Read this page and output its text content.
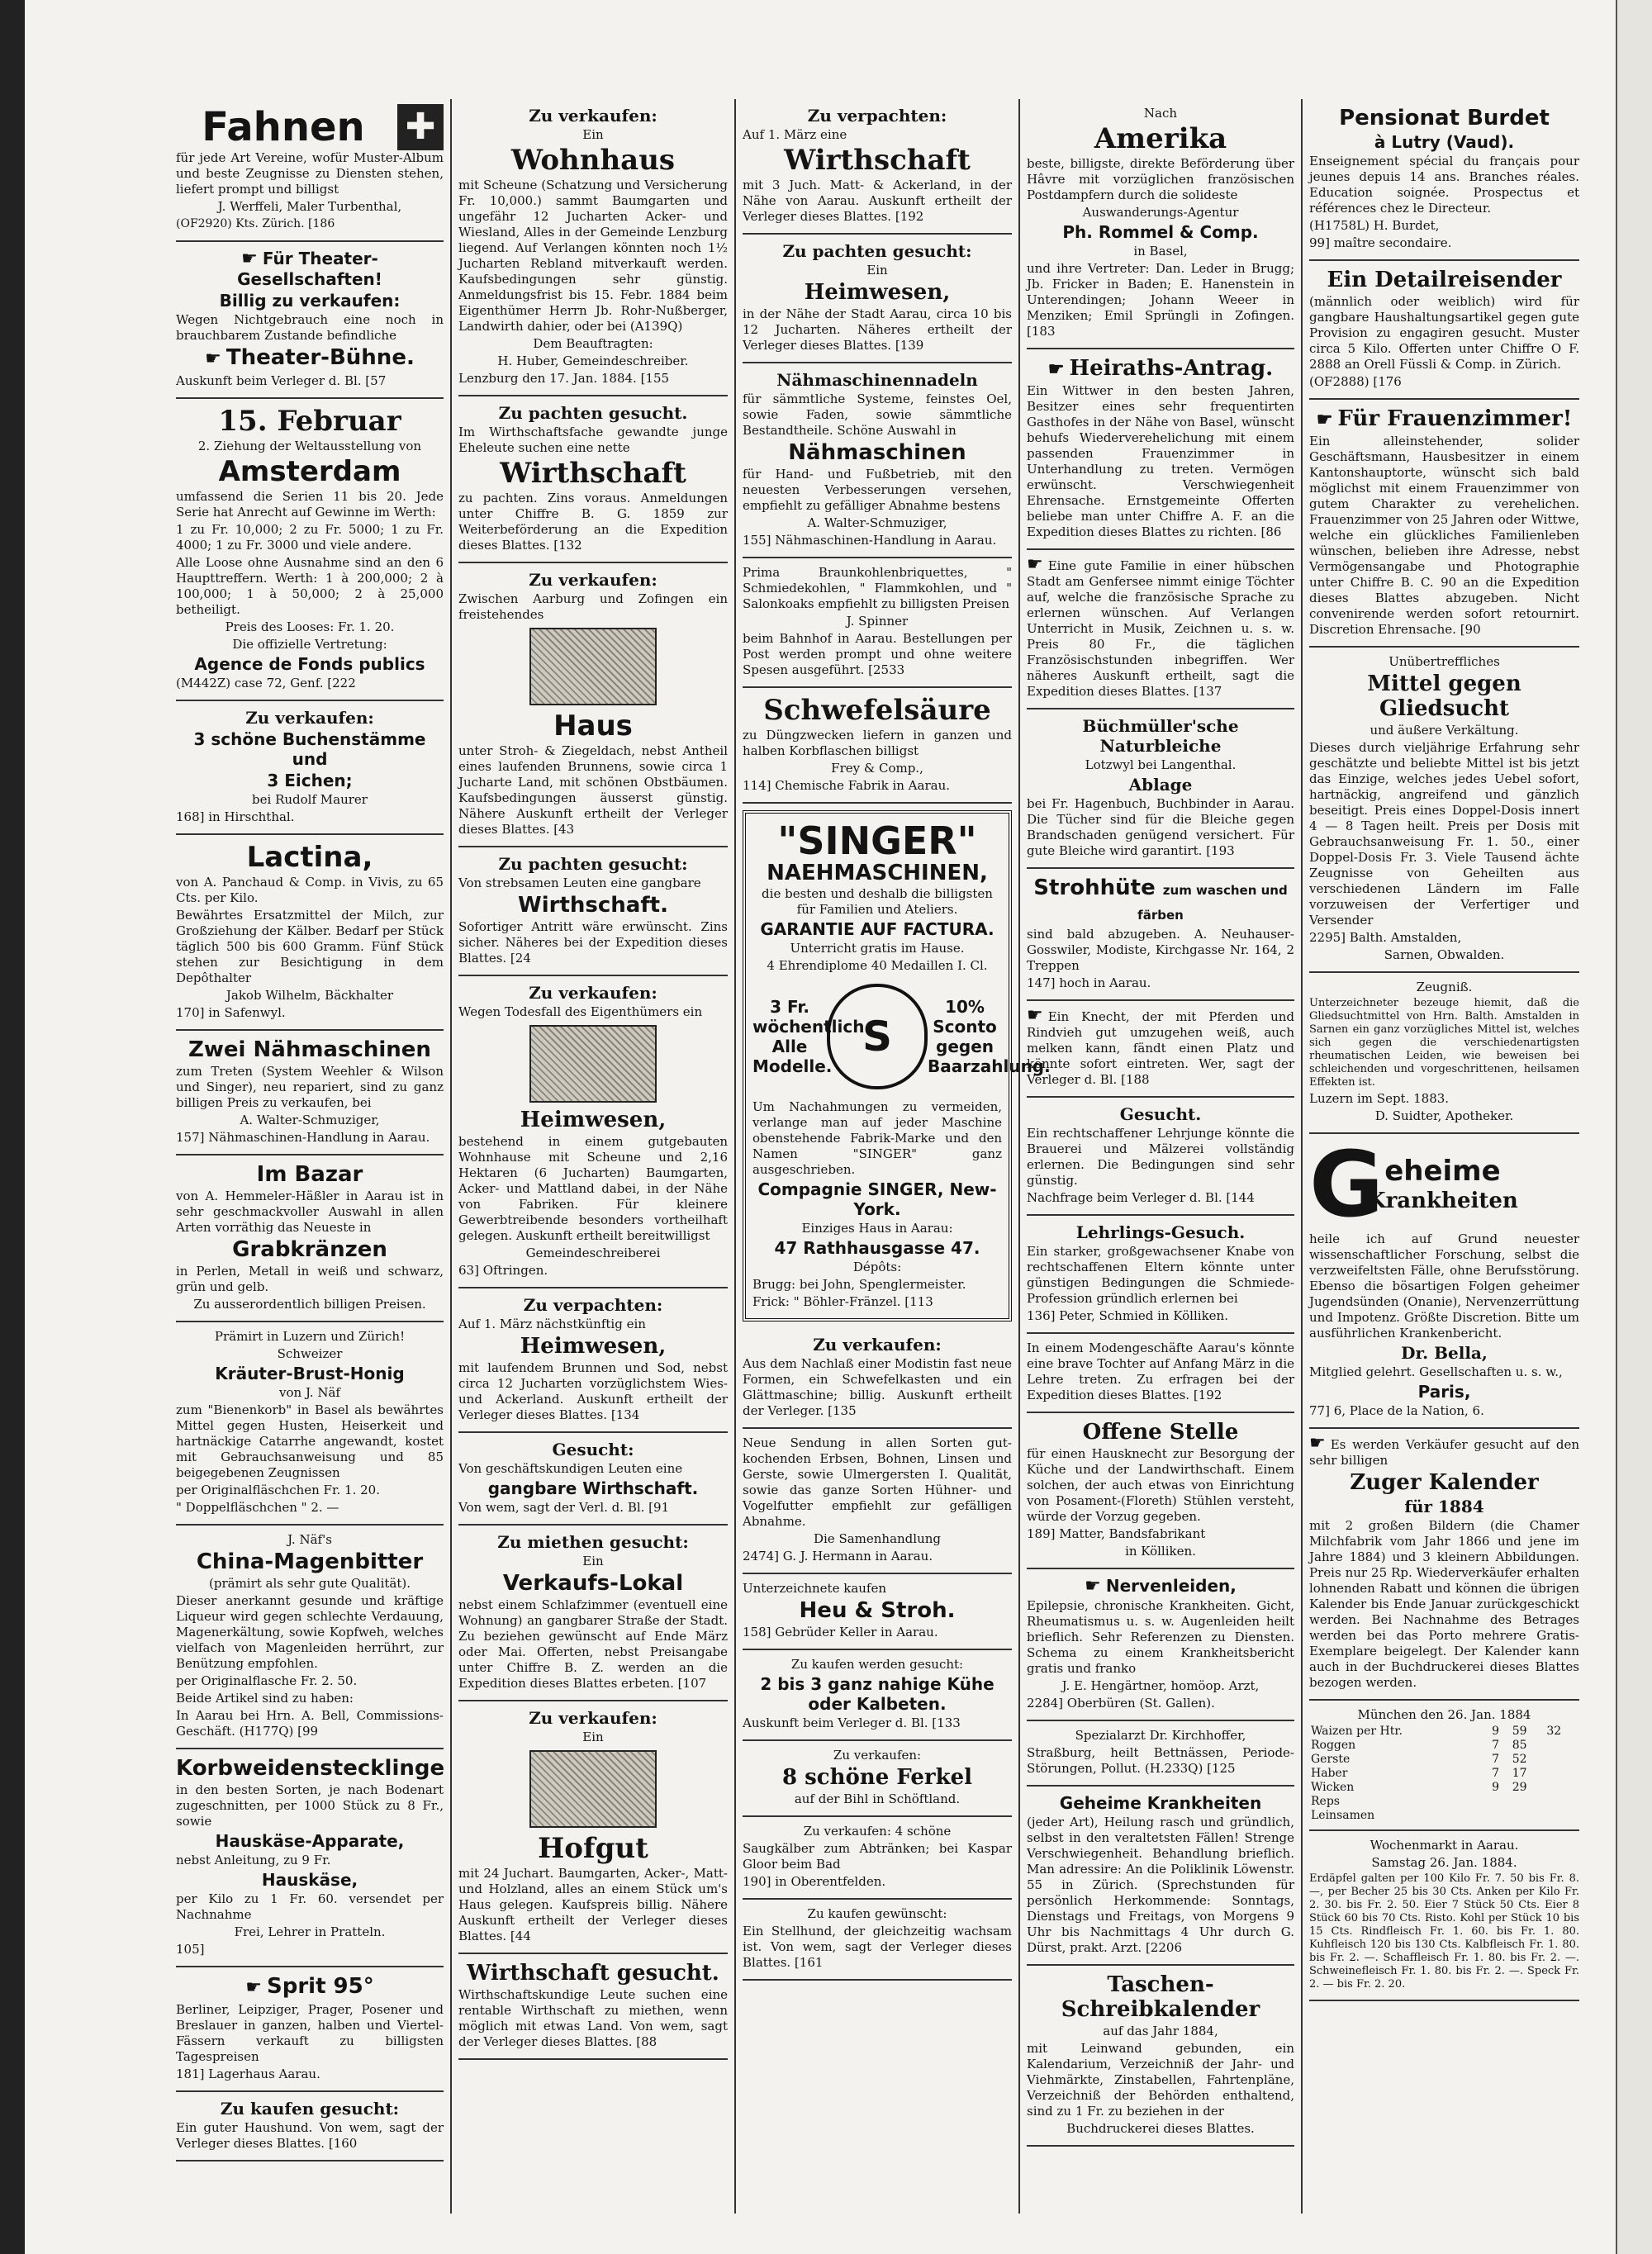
✚
Fahnen

für jede Art Vereine, wofür Muster-Album und beste Zeugnisse zu Diensten stehen, liefert prompt und billigst

J. Werffeli, Maler Turbenthal,

(OF2920) Kts. Zürich. [186

☛ Für Theater-Gesellschaften!
Billig zu verkaufen:

Wegen Nichtgebrauch eine noch in brauchbarem Zustande befindliche

☛ Theater-Bühne.

Auskunft beim Verleger d. Bl. [57

15. Februar

2. Ziehung der Weltausstellung von

Amsterdam

umfassend die Serien 11 bis 20. Jede Serie hat Anrecht auf Gewinne im Werth:

1 zu Fr. 10,000; 2 zu Fr. 5000; 1 zu Fr. 4000; 1 zu Fr. 3000 und viele andere.

Alle Loose ohne Ausnahme sind an den 6 Haupttreffern. Werth: 1 à 200,000; 2 à 100,000; 1 à 50,000; 2 à 25,000 betheiligt.

Preis des Looses: Fr. 1. 20.

Die offizielle Vertretung:

Agence de Fonds publics

(M442Z) case 72, Genf. [222

Zu verkaufen:
3 schöne Buchenstämme und
3 Eichen;

bei Rudolf Maurer

168] in Hirschthal.

Lactina,

von A. Panchaud & Comp. in Vivis, zu 65 Cts. per Kilo.

Bewährtes Ersatzmittel der Milch, zur Großziehung der Kälber. Bedarf per Stück täglich 500 bis 600 Gramm. Fünf Stück stehen zur Besichtigung in dem Depôthalter

Jakob Wilhelm, Bäckhalter

170] in Safenwyl.

Zwei Nähmaschinen

zum Treten (System Weehler & Wilson und Singer), neu repariert, sind zu ganz billigen Preis zu verkaufen, bei

A. Walter-Schmuziger,

157] Nähmaschinen-Handlung in Aarau.

Im Bazar

von A. Hemmeler-Häßler in Aarau ist in sehr geschmackvoller Auswahl in allen Arten vorräthig das Neueste in

Grabkränzen

in Perlen, Metall in weiß und schwarz, grün und gelb.

Zu ausserordentlich billigen Preisen.

Prämirt in Luzern und Zürich!

Schweizer

Kräuter-Brust-Honig

von J. Näf

zum "Bienenkorb" in Basel als bewährtes Mittel gegen Husten, Heiserkeit und hartnäckige Catarrhe angewandt, kostet mit Gebrauchsanweisung und 85 beigegebenen Zeugnissen

per Originalfläschchen Fr. 1. 20.

" Doppelfläschchen " 2. —

J. Näf's

China-Magenbitter

(prämirt als sehr gute Qualität).

Dieser anerkannt gesunde und kräftige Liqueur wird gegen schlechte Verdauung, Magenerkältung, sowie Kopfweh, welches vielfach von Magenleiden herrührt, zur Benützung empfohlen.

per Originalflasche Fr. 2. 50.

Beide Artikel sind zu haben:

In Aarau bei Hrn. A. Bell, Commissions-Geschäft. (H177Q) [99

Korbweidenstecklinge

in den besten Sorten, je nach Bodenart zugeschnitten, per 1000 Stück zu 8 Fr., sowie

Hauskäse-Apparate,

nebst Anleitung, zu 9 Fr.

Hauskäse,

per Kilo zu 1 Fr. 60. versendet per Nachnahme

Frei, Lehrer in Pratteln.

105]

☛ Sprit 95°

Berliner, Leipziger, Prager, Posener und Breslauer in ganzen, halben und Viertel-Fässern verkauft zu billigsten Tagespreisen

181] Lagerhaus Aarau.

Zu kaufen gesucht:

Ein guter Haushund. Von wem, sagt der Verleger dieses Blattes. [160

Zu verkaufen:

Ein

Wohnhaus

mit Scheune (Schatzung und Versicherung Fr. 10,000.) sammt Baumgarten und ungefähr 12 Jucharten Acker- und Wiesland, Alles in der Gemeinde Lenzburg liegend. Auf Verlangen könnten noch 1½ Jucharten Rebland mitverkauft werden. Kaufsbedingungen sehr günstig. Anmeldungsfrist bis 15. Febr. 1884 beim Eigenthümer Herrn Jb. Rohr-Nußberger, Landwirth dahier, oder bei (A139Q)

Dem Beauftragten:

H. Huber, Gemeindeschreiber.

Lenzburg den 17. Jan. 1884. [155

Zu pachten gesucht.

Im Wirthschaftsfache gewandte junge Eheleute suchen eine nette

Wirthschaft

zu pachten. Zins voraus. Anmeldungen unter Chiffre B. G. 1859 zur Weiterbeförderung an die Expedition dieses Blattes. [132

Zu verkaufen:

Zwischen Aarburg und Zofingen ein freistehendes

Haus

unter Stroh- & Ziegeldach, nebst Antheil eines laufenden Brunnens, sowie circa 1 Jucharte Land, mit schönen Obstbäumen. Kaufsbedingungen äusserst günstig. Nähere Auskunft ertheilt der Verleger dieses Blattes. [43

Zu pachten gesucht:

Von strebsamen Leuten eine gangbare

Wirthschaft.

Sofortiger Antritt wäre erwünscht. Zins sicher. Näheres bei der Expedition dieses Blattes. [24

Zu verkaufen:

Wegen Todesfall des Eigenthümers ein

Heimwesen,

bestehend in einem gutgebauten Wohnhause mit Scheune und 2,16 Hektaren (6 Jucharten) Baumgarten, Acker- und Mattland dabei, in der Nähe von Fabriken. Für kleinere Gewerbtreibende besonders vortheilhaft gelegen. Auskunft ertheilt bereitwilligst

Gemeindeschreiberei

63] Oftringen.

Zu verpachten:

Auf 1. März nächstkünftig ein

Heimwesen,

mit laufendem Brunnen und Sod, nebst circa 12 Jucharten vorzüglichstem Wies- und Ackerland. Auskunft ertheilt der Verleger dieses Blattes. [134

Gesucht:

Von geschäftskundigen Leuten eine

gangbare Wirthschaft.

Von wem, sagt der Verl. d. Bl. [91

Zu miethen gesucht:

Ein

Verkaufs-Lokal

nebst einem Schlafzimmer (eventuell eine Wohnung) an gangbarer Straße der Stadt. Zu beziehen gewünscht auf Ende März oder Mai. Offerten, nebst Preisangabe unter Chiffre B. Z. werden an die Expedition dieses Blattes erbeten. [107

Zu verkaufen:

Ein

Hofgut

mit 24 Juchart. Baumgarten, Acker-, Matt- und Holzland, alles an einem Stück um's Haus gelegen. Kaufspreis billig. Nähere Auskunft ertheilt der Verleger dieses Blattes. [44

Wirthschaft gesucht.

Wirthschaftskundige Leute suchen eine rentable Wirthschaft zu miethen, wenn möglich mit etwas Land. Von wem, sagt der Verleger dieses Blattes. [88

Zu verpachten:

Auf 1. März eine

Wirthschaft

mit 3 Juch. Matt- & Ackerland, in der Nähe von Aarau. Auskunft ertheilt der Verleger dieses Blattes. [192

Zu pachten gesucht:

Ein

Heimwesen,

in der Nähe der Stadt Aarau, circa 10 bis 12 Jucharten. Näheres ertheilt der Verleger dieses Blattes. [139

Nähmaschinennadeln

für sämmtliche Systeme, feinstes Oel, sowie Faden, sowie sämmtliche Bestandtheile. Schöne Auswahl in

Nähmaschinen

für Hand- und Fußbetrieb, mit den neuesten Verbesserungen versehen, empfiehlt zu gefälliger Abnahme bestens

A. Walter-Schmuziger,

155] Nähmaschinen-Handlung in Aarau.

Prima Braunkohlenbriquettes, " Schmiedekohlen, " Flammkohlen, und " Salonkoaks empfiehlt zu billigsten Preisen

J. Spinner

beim Bahnhof in Aarau. Bestellungen per Post werden prompt und ohne weitere Spesen ausgeführt. [2533

Schwefelsäure

zu Düngzwecken liefern in ganzen und halben Korbflaschen billigst

Frey & Comp.,

114] Chemische Fabrik in Aarau.

"SINGER"
NAEHMASCHINEN,

die besten und deshalb die billigsten für Familien und Ateliers.

GARANTIE AUF FACTURA.

Unterricht gratis im Hause.

4 Ehrendiplome 40 Medaillen I. Cl.

3 Fr. wöchentlich. Alle Modelle.
S
10% Sconto gegen Baarzahlung.

Um Nachahmungen zu vermeiden, verlange man auf jeder Maschine obenstehende Fabrik-Marke und den Namen "SINGER" ganz ausgeschrieben.

Compagnie SINGER, New-York.

Einziges Haus in Aarau:

47 Rathhausgasse 47.

Dépôts:

Brugg: bei John, Spenglermeister.

Frick: " Böhler-Fränzel. [113

Zu verkaufen:

Aus dem Nachlaß einer Modistin fast neue Formen, ein Schwefelkasten und ein Glättmaschine; billig. Auskunft ertheilt der Verleger. [135

Neue Sendung in allen Sorten gut-kochenden Erbsen, Bohnen, Linsen und Gerste, sowie Ulmergersten I. Qualität, sowie das ganze Sorten Hühner- und Vogelfutter empfiehlt zur gefälligen Abnahme.

Die Samenhandlung

2474] G. J. Hermann in Aarau.

Unterzeichnete kaufen

Heu & Stroh.

158] Gebrüder Keller in Aarau.

Zu kaufen werden gesucht:

2 bis 3 ganz nahige Kühe oder Kalbeten.

Auskunft beim Verleger d. Bl. [133

Zu verkaufen:

8 schöne Ferkel

auf der Bihl in Schöftland.

Zu verkaufen: 4 schöne

Saugkälber zum Abtränken; bei Kaspar Gloor beim Bad

190] in Oberentfelden.

Zu kaufen gewünscht:

Ein Stellhund, der gleichzeitig wachsam ist. Von wem, sagt der Verleger dieses Blattes. [161

Nach

Amerika

beste, billigste, direkte Beförderung über Hâvre mit vorzüglichen französischen Postdampfern durch die solideste

Auswanderungs-Agentur

Ph. Rommel & Comp.

in Basel,

und ihre Vertreter: Dan. Leder in Brugg; Jb. Fricker in Baden; E. Hanenstein in Unterendingen; Johann Weeer in Menziken; Emil Sprüngli in Zofingen. [183

☛ Heiraths-Antrag.

Ein Wittwer in den besten Jahren, Besitzer eines sehr frequentirten Gasthofes in der Nähe von Basel, wünscht behufs Wiederverehelichung mit einem passenden Frauenzimmer in Unterhandlung zu treten. Vermögen erwünscht. Verschwiegenheit Ehrensache. Ernstgemeinte Offerten beliebe man unter Chiffre A. F. an die Expedition dieses Blattes zu richten. [86

☛ Eine gute Familie in einer hübschen Stadt am Genfersee nimmt einige Töchter auf, welche die französische Sprache zu erlernen wünschen. Auf Verlangen Unterricht in Musik, Zeichnen u. s. w. Preis 80 Fr., die täglichen Französischstunden inbegriffen. Wer näheres Auskunft ertheilt, sagt die Expedition dieses Blattes. [137

Büchmüller'sche Naturbleiche

Lotzwyl bei Langenthal.

Ablage

bei Fr. Hagenbuch, Buchbinder in Aarau. Die Tücher sind für die Bleiche gegen Brandschaden genügend versichert. Für gute Bleiche wird garantirt. [193

Strohhüte zum waschen und färben

sind bald abzugeben. A. Neuhauser-Gosswiler, Modiste, Kirchgasse Nr. 164, 2 Treppen

147] hoch in Aarau.

☛ Ein Knecht, der mit Pferden und Rindvieh gut umzugehen weiß, auch melken kann, fändt einen Platz und könnte sofort eintreten. Wer, sagt der Verleger d. Bl. [188

Gesucht.

Ein rechtschaffener Lehrjunge könnte die Brauerei und Mälzerei vollständig erlernen. Die Bedingungen sind sehr günstig.

Nachfrage beim Verleger d. Bl. [144

Lehrlings-Gesuch.

Ein starker, großgewachsener Knabe von rechtschaffenen Eltern könnte unter günstigen Bedingungen die Schmiede-Profession gründlich erlernen bei

136] Peter, Schmied in Kölliken.

In einem Modengeschäfte Aarau's könnte eine brave Tochter auf Anfang März in die Lehre treten. Zu erfragen bei der Expedition dieses Blattes. [192

Offene Stelle

für einen Hausknecht zur Besorgung der Küche und der Landwirthschaft. Einem solchen, der auch etwas von Einrichtung von Posament-(Floreth) Stühlen versteht, würde der Vorzug gegeben.

189] Matter, Bandsfabrikant

in Kölliken.

☛ Nervenleiden,

Epilepsie, chronische Krankheiten. Gicht, Rheumatismus u. s. w. Augenleiden heilt brieflich. Sehr Referenzen zu Diensten. Schema zu einem Krankheitsbericht gratis und franko

J. E. Hengärtner, homöop. Arzt,

2284] Oberbüren (St. Gallen).

Spezialarzt Dr. Kirchhoffer,

Straßburg, heilt Bettnässen, Periode-Störungen, Pollut. (H.233Q) [125

Geheime Krankheiten

(jeder Art), Heilung rasch und gründlich, selbst in den veraltetsten Fällen! Strenge Verschwiegenheit. Behandlung brieflich. Man adressire: An die Poliklinik Löwenstr. 55 in Zürich. (Sprechstunden für persönlich Herkommende: Sonntags, Dienstags und Freitags, von Morgens 9 Uhr bis Nachmittags 4 Uhr durch G. Dürst, prakt. Arzt. [2206

Taschen-Schreibkalender

auf das Jahr 1884,

mit Leinwand gebunden, ein Kalendarium, Verzeichniß der Jahr- und Viehmärkte, Zinstabellen, Fahrtenpläne, Verzeichniß der Behörden enthaltend, sind zu 1 Fr. zu beziehen in der

Buchdruckerei dieses Blattes.

Pensionat Burdet
à Lutry (Vaud).

Enseignement spécial du français pour jeunes depuis 14 ans. Branches réales. Education soignée. Prospectus et références chez le Directeur.

(H1758L) H. Burdet,

99] maître secondaire.

Ein Detailreisender

(männlich oder weiblich) wird für gangbare Haushaltungsartikel gegen gute Provision zu engagiren gesucht. Muster circa 5 Kilo. Offerten unter Chiffre O F. 2888 an Orell Füssli & Comp. in Zürich.

(OF2888) [176

☛ Für Frauenzimmer!

Ein alleinstehender, solider Geschäftsmann, Hausbesitzer in einem Kantonshauptorte, wünscht sich bald möglichst mit einem Frauenzimmer von gutem Charakter zu verehelichen. Frauenzimmer von 25 Jahren oder Wittwe, welche ein glückliches Familienleben wünschen, belieben ihre Adresse, nebst Vermögensangabe und Photographie unter Chiffre B. C. 90 an die Expedition dieses Blattes abzugeben. Nicht convenirende werden sofort retournirt. Discretion Ehrensache. [90

Unübertreffliches

Mittel gegen Gliedsucht

und äußere Verkältung.

Dieses durch vieljährige Erfahrung sehr geschätzte und beliebte Mittel ist bis jetzt das Einzige, welches jedes Uebel sofort, hartnäckig, angreifend und gänzlich beseitigt. Preis eines Doppel-Dosis innert 4 — 8 Tagen heilt. Preis per Dosis mit Gebrauchsanweisung Fr. 1. 50., einer Doppel-Dosis Fr. 3. Viele Tausend ächte Zeugnisse von Geheilten aus verschiedenen Ländern im Falle vorzuweisen der Verfertiger und Versender

2295] Balth. Amstalden,

Sarnen, Obwalden.

Zeugniß.

Unterzeichneter bezeuge hiemit, daß die Gliedsuchtmittel von Hrn. Balth. Amstalden in Sarnen ein ganz vorzügliches Mittel ist, welches sich gegen die verschiedenartigsten rheumatischen Leiden, wie beweisen bei schleichenden und vorgeschrittenen, heilsamen Effekten ist.

Luzern im Sept. 1883.

D. Suidter, Apotheker.

G eheime
Krankheiten

heile ich auf Grund neuester wissenschaftlicher Forschung, selbst die verzweifeltsten Fälle, ohne Berufsstörung. Ebenso die bösartigen Folgen geheimer Jugendsünden (Onanie), Nervenzerrüttung und Impotenz. Größte Discretion. Bitte um ausführlichen Krankenbericht.

Dr. Bella,

Mitglied gelehrt. Gesellschaften u. s. w.,

Paris,

77] 6, Place de la Nation, 6.

☛ Es werden Verkäufer gesucht auf den sehr billigen

Zuger Kalender
für 1884

mit 2 großen Bildern (die Chamer Milchfabrik vom Jahr 1866 und jene im Jahre 1884) und 3 kleinern Abbildungen. Preis nur 25 Rp. Wiederverkäufer erhalten lohnenden Rabatt und können die übrigen Kalender bis Ende Januar zurückgeschickt werden. Bei Nachnahme des Betrages werden bei das Porto mehrere Gratis-Exemplare beigelegt. Der Kalender kann auch in der Buchdruckerei dieses Blattes bezogen werden.

München den 26. Jan. 1884

Waizen per Htr.	9	59	32
Roggen	7	85	
Gerste	7	52	
Haber	7	17	
Wicken	9	29	
Reps			
Leinsamen			

Wochenmarkt in Aarau.

Samstag 26. Jan. 1884.

Erdäpfel galten per 100 Kilo Fr. 7. 50 bis Fr. 8. —, per Becher 25 bis 30 Cts. Anken per Kilo Fr. 2. 30. bis Fr. 2. 50. Eier 7 Stück 50 Cts. Eier 8 Stück 60 bis 70 Cts. Risto. Kohl per Stück 10 bis 15 Cts. Rindfleisch Fr. 1. 60. bis Fr. 1. 80. Kuhfleisch 120 bis 130 Cts. Kalbfleisch Fr. 1. 80. bis Fr. 2. —. Schaffleisch Fr. 1. 80. bis Fr. 2. —. Schweinefleisch Fr. 1. 80. bis Fr. 2. —. Speck Fr. 2. — bis Fr. 2. 20.
